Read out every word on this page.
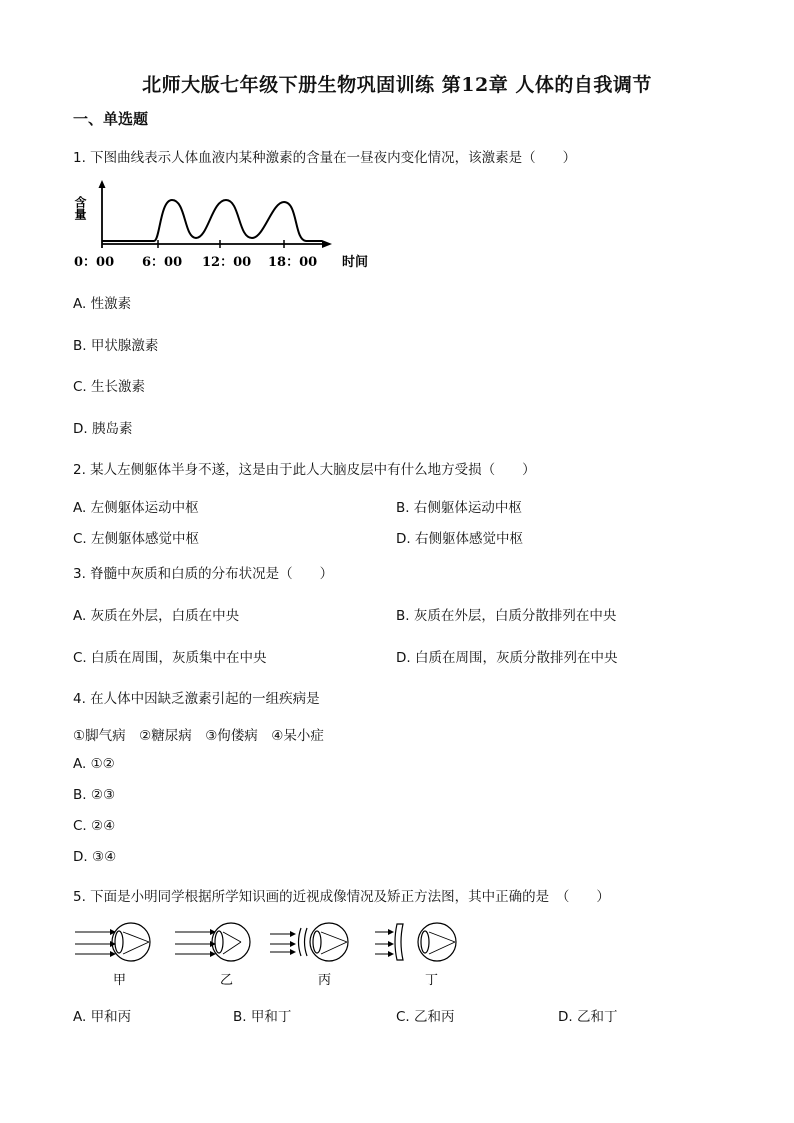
北师大版七年级下册生物巩固训练 第12章 人体的自我调节
一、单选题
1. 下图曲线表示人体血液内某种激素的含量在一昼夜内变化情况，该激素是（　　）
含量
0：00 6：00 12：00 18：00 时间
A. 性激素
B. 甲状腺激素
C. 生长激素
D. 胰岛素
2. 某人左侧躯体半身不遂，这是由于此人大脑皮层中有什么地方受损（　　）
A. 左侧躯体运动中枢	B. 右侧躯体运动中枢
C. 左侧躯体感觉中枢	D. 右侧躯体感觉中枢
3. 脊髓中灰质和白质的分布状况是（　　）
A. 灰质在外层，白质在中央	B. 灰质在外层，白质分散排列在中央
C. 白质在周围，灰质集中在中央	D. 白质在周围，灰质分散排列在中央
4. 在人体中因缺乏激素引起的一组疾病是
①脚气病　②糖尿病　③佝偻病　④呆小症
A. ①②
B. ②③
C. ②④
D. ③④
5. 下面是小明同学根据所学知识画的近视成像情况及矫正方法图，其中正确的是　（　　）
甲	乙	丙	丁
A. 甲和丙	B. 甲和丁	C. 乙和丙	D. 乙和丁
